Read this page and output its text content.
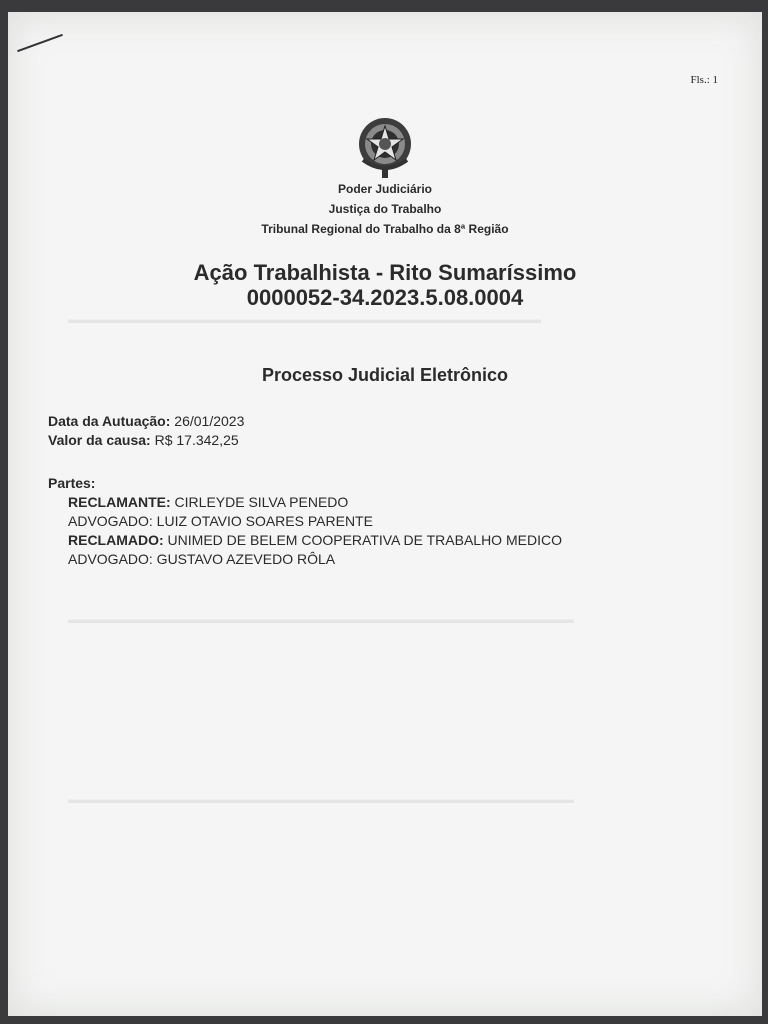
▬▬▬▬▬▬▬▬▬▬▬▬▬▬▬▬▬▬▬▬▬▬▬▬▬▬▬▬▬▬▬▬▬▬▬▬▬▬▬▬▬▬▬
▬▬▬▬▬▬▬▬▬▬▬▬▬▬▬▬▬▬▬▬▬▬▬▬▬▬▬▬▬▬▬▬▬▬▬▬▬▬▬▬▬▬▬▬▬▬
▬▬▬▬▬▬▬▬▬▬▬▬▬▬▬▬▬▬▬▬▬▬▬▬▬▬▬▬▬▬▬▬▬▬▬▬▬▬▬▬▬▬▬▬▬▬
Fls.: 1
Poder Judiciário
Justiça do Trabalho
Tribunal Regional do Trabalho da 8ª Região
Ação Trabalhista - Rito Sumaríssimo
0000052-34.2023.5.08.0004
Processo Judicial Eletrônico
Data da Autuação: 26/01/2023
Valor da causa: R$ 17.342,25
Partes:
RECLAMANTE: CIRLEYDE SILVA PENEDO
ADVOGADO: LUIZ OTAVIO SOARES PARENTE
RECLAMADO: UNIMED DE BELEM COOPERATIVA DE TRABALHO MEDICO
ADVOGADO: GUSTAVO AZEVEDO RÔLA
